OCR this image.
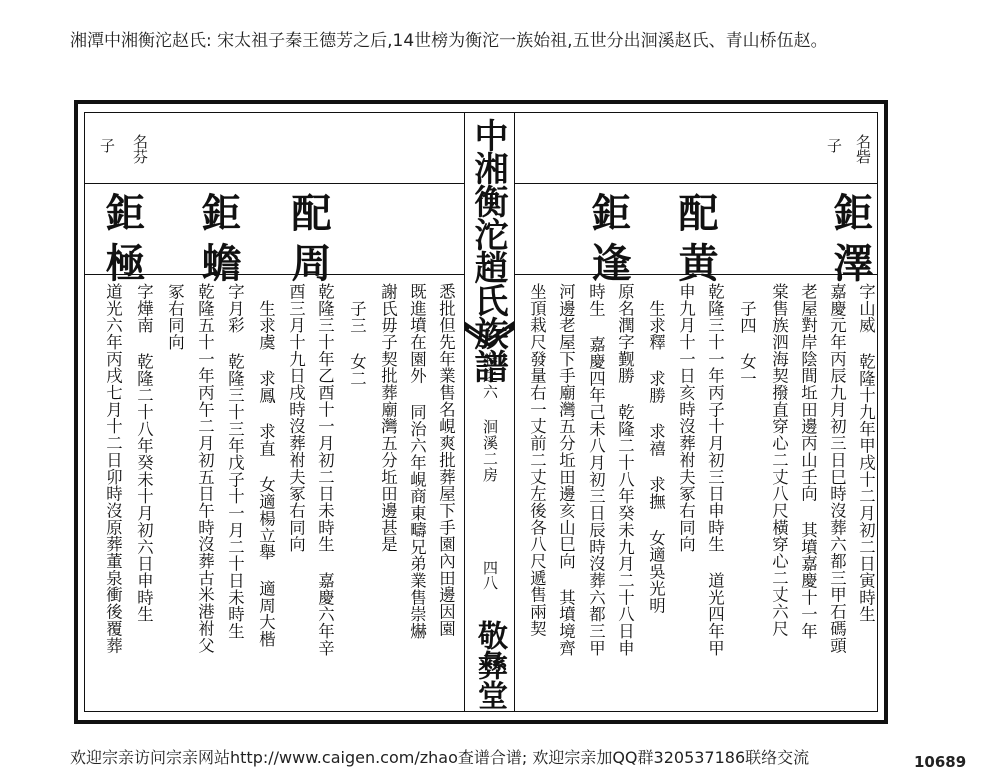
湘潭中湘衡沱赵氏: 宋太祖子秦王德芳之后,14世榜为衡沱一族始祖,五世分出洄溪赵氏、青山桥伍赵。
中湘衡沱趙氏族譜
卷之六 洄溪二房
四八
敬彝堂
名砦
子
鉅澤
配黄
鉅逢
字山威 乾隆十九年甲戌十二月初二日寅時生
嘉慶元年丙辰九月初三日巳時沒葬六都三甲石碼頭
老屋對岸陰間坵田邊丙山壬向 其墳嘉慶十一年
棠售族泗海契撥直穿心二丈八尺橫穿心二丈六尺
子四 女一
乾隆三十一年丙子十月初三日申時生 道光四年甲
申九月十一日亥時沒葬祔夫冢右同向
生求釋 求勝 求禧 求撫 女適吳光明
原名潤字觐勝 乾隆二十八年癸未九月二十八日申
時生 嘉慶四年己未八月初三日辰時沒葬六都三甲
河邊老屋下手廟灣五分坵田邊亥山巳向 其墳境齊
坐頂栽尺發量右一丈前二丈左後各八尺遞售兩契
名芬
子
配周
鉅蟾
鉅極
悉批但先年業售名峴爽批葬屋下手園內田邊因園
既進墳在園外 同治六年峴商東疇兄弟業售崇爀
謝氏毋子契批葬廟灣五分坵田邊甚是
子三 女二
乾隆三十年乙酉十一月初二日未時生 嘉慶六年辛
酉三月十九日戌時沒葬祔夫冢右同向
生求虞 求鳳 求直 女適楊立舉 適周大楷
字月彩 乾隆三十三年戊子十一月二十日未時生
乾隆五十一年丙午二月初五日午時沒葬古米港祔父
冢右同向
字燁南 乾隆二十八年癸未十月初六日申時生
道光六年丙戌七月十二日卯時沒原葬董泉衝後覆葬
欢迎宗亲访问宗亲网站http://www.caigen.com/zhao查谱合谱; 欢迎宗亲加QQ群320537186联络交流	10689
